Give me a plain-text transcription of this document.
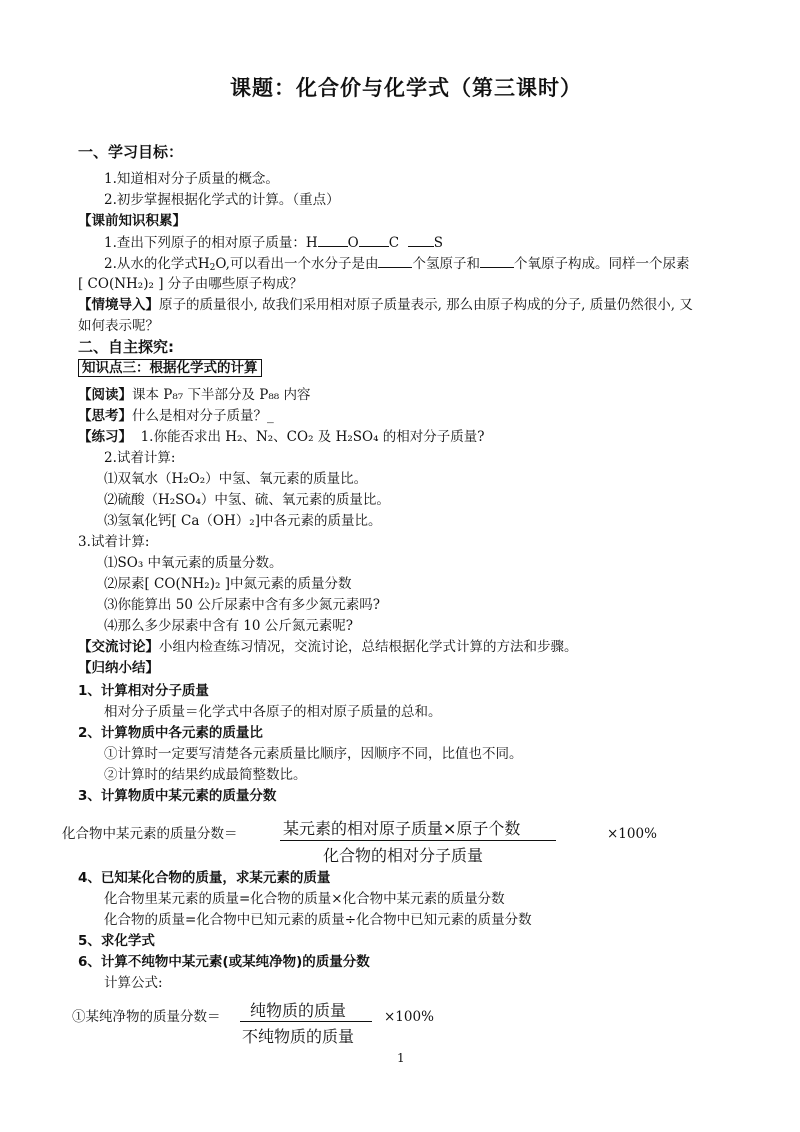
课题：化合价与化学式（第三课时）
一、学习目标：
1.知道相对分子质量的概念。
2.初步掌握根据化学式的计算。（重点）
【课前知识积累】
1.查出下列原子的相对原子质量：H O C	S
2.从水的化学式$H_2O$,可以看出一个水分子是由	个氢原子和	个氧原子构成。同样一个尿素
[ CO(NH₂)₂ ] 分子由哪些原子构成？
【情境导入】原子的质量很小, 故我们采用相对原子质量表示, 那么由原子构成的分子, 质量仍然很小, 又
如何表示呢？
二、自主探究:
知识点三：根据化学式的计算
【阅读】课本 P₈₇ 下半部分及 P₈₈ 内容
【思考】什么是相对分子质量？_
【练习】 1.你能否求出 H₂、N₂、CO₂ 及 H₂SO₄ 的相对分子质量?
2.试着计算:
⑴双氧水（H₂O₂）中氢、氧元素的质量比。
⑵硫酸（H₂SO₄）中氢、硫、氧元素的质量比。
⑶氢氧化钙[ Ca（OH）₂]中各元素的质量比。
3.试着计算:
⑴SO₃ 中氧元素的质量分数。
⑵尿素[ CO(NH₂)₂ ]中氮元素的质量分数
⑶你能算出 50 公斤尿素中含有多少氮元素吗?
⑷那么多少尿素中含有 10 公斤氮元素呢?
【交流讨论】小组内检查练习情况，交流讨论，总结根据化学式计算的方法和步骤。
【归纳小结】
1、计算相对分子质量
相对分子质量＝化学式中各原子的相对原子质量的总和。
2、计算物质中各元素的质量比
①计算时一定要写清楚各元素质量比顺序，因顺序不同，比值也不同。
②计算时的结果约成最简整数比。
3、计算物质中某元素的质量分数
化合物中某元素的质量分数＝	某元素的相对原子质量×原子个数
化合物的相对分子质量
×100%
4、已知某化合物的质量，求某元素的质量
化合物里某元素的质量=化合物的质量×化合物中某元素的质量分数
化合物的质量=化合物中已知元素的质量÷化合物中已知元素的质量分数
5、求化学式
6、计算不纯物中某元素(或某纯净物)的质量分数
计算公式:
①某纯净物的质量分数＝ 纯物质的质量
不纯物质的质量
×100%
1
